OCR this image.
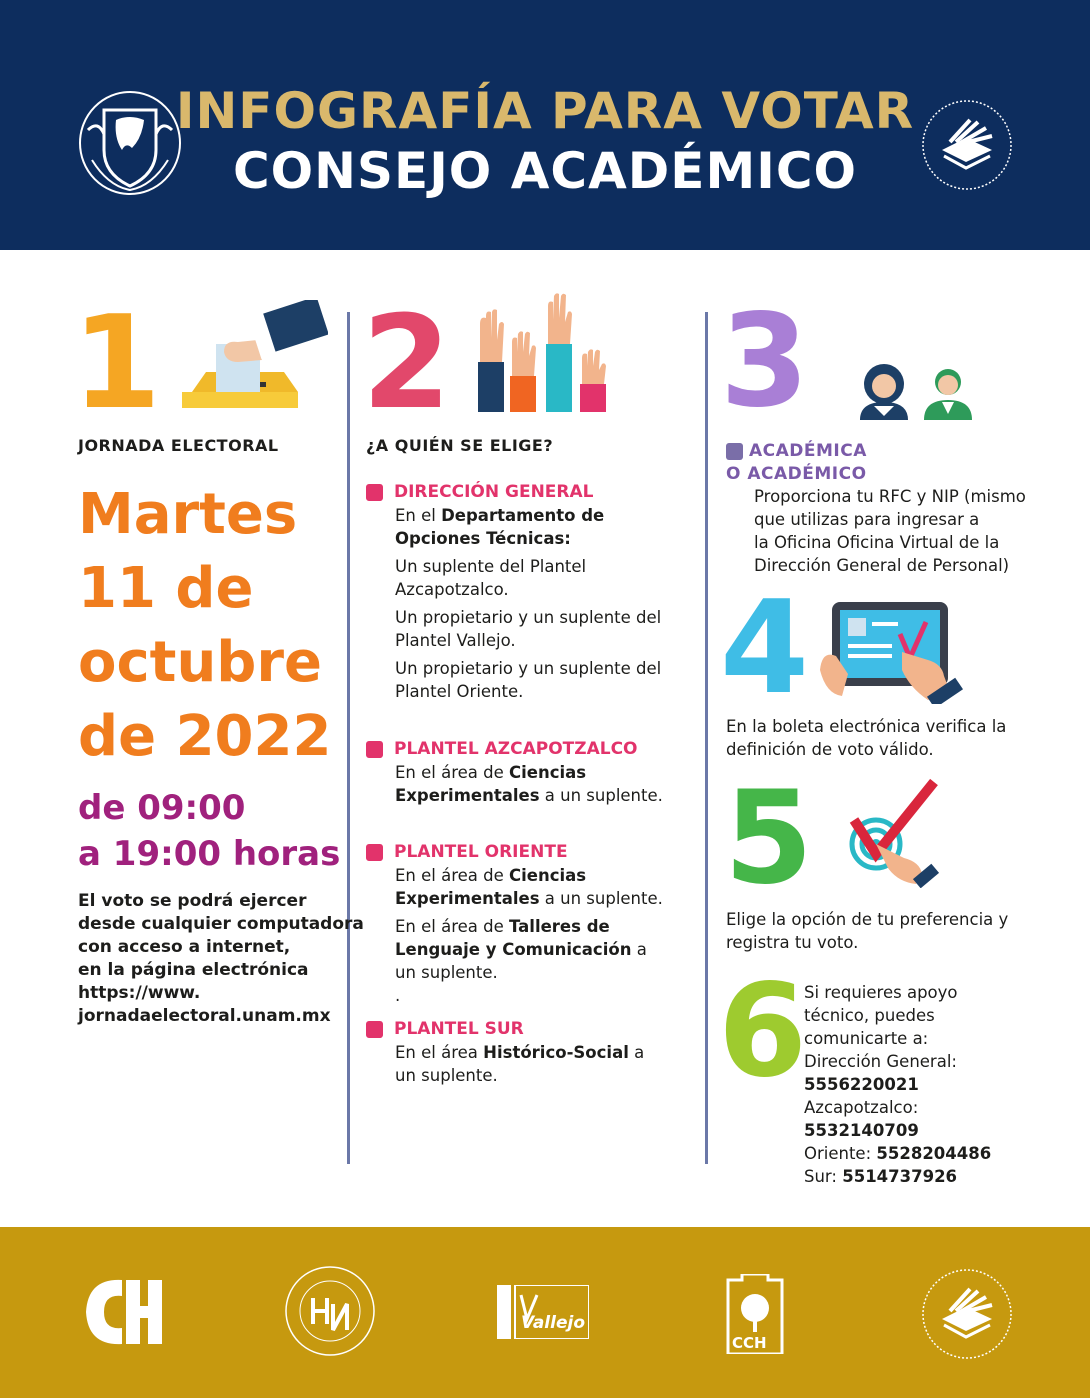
INFOGRAFÍA PARA VOTAR
CONSEJO ACADÉMICO
1
JORNADA ELECTORAL
Martes
11 de
octubre
de 2022
de 09:00
a 19:00 horas
El voto se podrá ejercer
desde cualquier computadora
con acceso a internet,
en la página electrónica
https://www.
jornadaelectoral.unam.mx
2
¿A QUIÉN SE ELIGE?
DIRECCIÓN GENERAL
En el Departamento de Opciones Técnicas:
Un suplente del Plantel Azcapotzalco.
Un propietario y un suplente del Plantel Vallejo.
Un propietario y un suplente del Plantel Oriente.
PLANTEL AZCAPOTZALCO
En el área de Ciencias Experimentales a un suplente.
PLANTEL ORIENTE
En el área de Ciencias Experimentales a un suplente.
En el área de Talleres de Lenguaje y Comunicación a un suplente.
.
PLANTEL SUR
En el área Histórico-Social a un suplente.
3
ACADÉMICA
O ACADÉMICO
Proporciona tu RFC y NIP (mismo
que utilizas para ingresar a
la Oficina Oficina Virtual de la
Dirección General de Personal)
4
En la boleta electrónica verifica la
definición de voto válido.
5
Elige la opción de tu preferencia y
registra tu voto.
6
Si requieres apoyo
técnico, puedes
comunicarte a:
Dirección General:
5556220021
Azcapotzalco:
5532140709
Oriente: 5528204486
Sur: 5514737926
Vallejo
CCH
